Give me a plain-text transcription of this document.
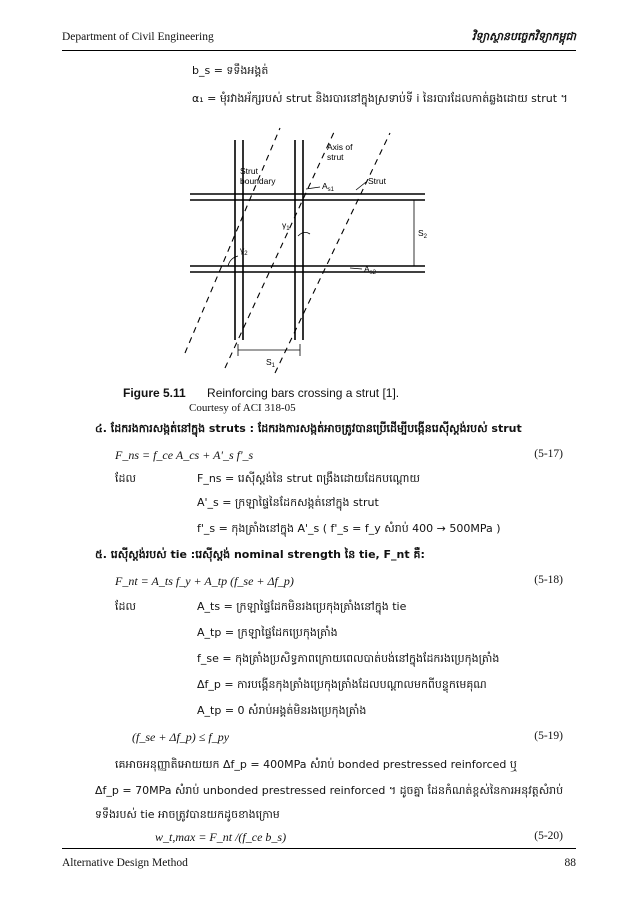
Department of Civil Engineering	វិទ្យាស្ថានបច្ចេកវិទ្យាកម្ពុជា
b_s = ទទឹងអង្គត់
α₁ = មុំរវាងអ័ក្សរបស់ strut និងរបារនៅក្នុងស្រទាប់ទី i នៃរបារដែលកាត់ឆ្លងដោយ strut ។
Strut boundary
Axis of strut
$A_{s1}$
Strut
$\gamma_1$
$\gamma_2$
$S_2$
$A_{s2}$
$S_1$
Figure 5.11 Reinforcing bars crossing a strut [1].
Courtesy of ACI 318-05
៤. ដែករងការសង្កត់នៅក្នុង struts : ដែករងការសង្កត់អាចត្រូវបានប្រើដើម្បីបង្កើនរេស៊ីស្តង់របស់ strut
F_ns = f_ce A_cs + A'_s f'_s	(5-17)
ដែល	F_ns = រេស៊ីស្តង់នៃ strut ពង្រឹងដោយដែកបណ្តោយ
A'_s = ក្រឡាផ្ទៃនៃដែកសង្កត់នៅក្នុង strut
f'_s = កុងត្រាំងនៅក្នុង A'_s ( f'_s = f_y សំរាប់ 400 → 500MPa )
៥. រេស៊ីស្តង់របស់ tie :រេស៊ីស្តង់ nominal strength នៃ tie, F_nt គឺ:
F_nt = A_ts f_y + A_tp (f_se + Δf_p)	(5-18)
ដែល	A_ts = ក្រឡាផ្ទៃដែកមិនរងប្រេកុងត្រាំងនៅក្នុង tie
A_tp = ក្រឡាផ្ទៃដែកប្រេកុងត្រាំង
f_se = កុងត្រាំងប្រសិទ្ធភាពក្រោយពេលបាត់បង់នៅក្នុងដែករងប្រេកុងត្រាំង
Δf_p = ការបង្កើនកុងត្រាំងប្រេកុងត្រាំងដែលបណ្តាលមកពីបន្ទុកមេគុណ
A_tp = 0 សំរាប់អង្គត់មិនរងប្រេកុងត្រាំង
(f_se + Δf_p) ≤ f_py	(5-19)
គេអាចអនុញ្ញាតិអោយយក Δf_p = 400MPa សំរាប់ bonded prestressed reinforced ឬ
Δf_p = 70MPa សំរាប់ unbonded prestressed reinforced ។ ដូចគ្នា ដែនកំណត់ខ្ពស់នៃការអនុវត្តសំរាប់
ទទឹងរបស់ tie អាចត្រូវបានយកដូចខាងក្រោម
w_t,max = F_nt /(f_ce b_s)	(5-20)
Alternative Design Method	88
